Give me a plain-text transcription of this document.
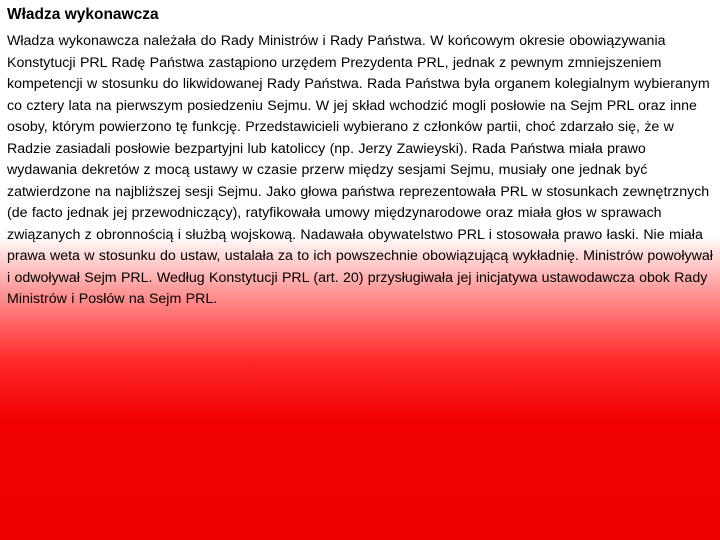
Władza wykonawcza

Władza wykonawcza należała do Rady Ministrów i Rady Państwa. W końcowym okresie obowiązywania Konstytucji PRL Radę Państwa zastąpiono urzędem Prezydenta PRL, jednak z pewnym zmniejszeniem kompetencji w stosunku do likwidowanej Rady Państwa. Rada Państwa była organem kolegialnym wybieranym co cztery lata na pierwszym posiedzeniu Sejmu. W jej skład wchodzić mogli posłowie na Sejm PRL oraz inne osoby, którym powierzono tę funkcję. Przedstawicieli wybierano z członków partii, choć zdarzało się, że w Radzie zasiadali posłowie bezpartyjni lub katoliccy (np. Jerzy Zawieyski). Rada Państwa miała prawo wydawania dekretów z mocą ustawy w czasie przerw między sesjami Sejmu, musiały one jednak być zatwierdzone na najbliższej sesji Sejmu. Jako głowa państwa reprezentowała PRL w stosunkach zewnętrznych (de facto jednak jej przewodniczący), ratyfikowała umowy międzynarodowe oraz miała głos w sprawach związanych z obronnością i służbą wojskową. Nadawała obywatelstwo PRL i stosowała prawo łaski. Nie miała prawa weta w stosunku do ustaw, ustalała za to ich powszechnie obowiązującą wykładnię. Ministrów powoływał i odwoływał Sejm PRL. Według Konstytucji PRL (art. 20) przysługiwała jej inicjatywa ustawodawcza obok Rady Ministrów i Posłów na Sejm PRL.
